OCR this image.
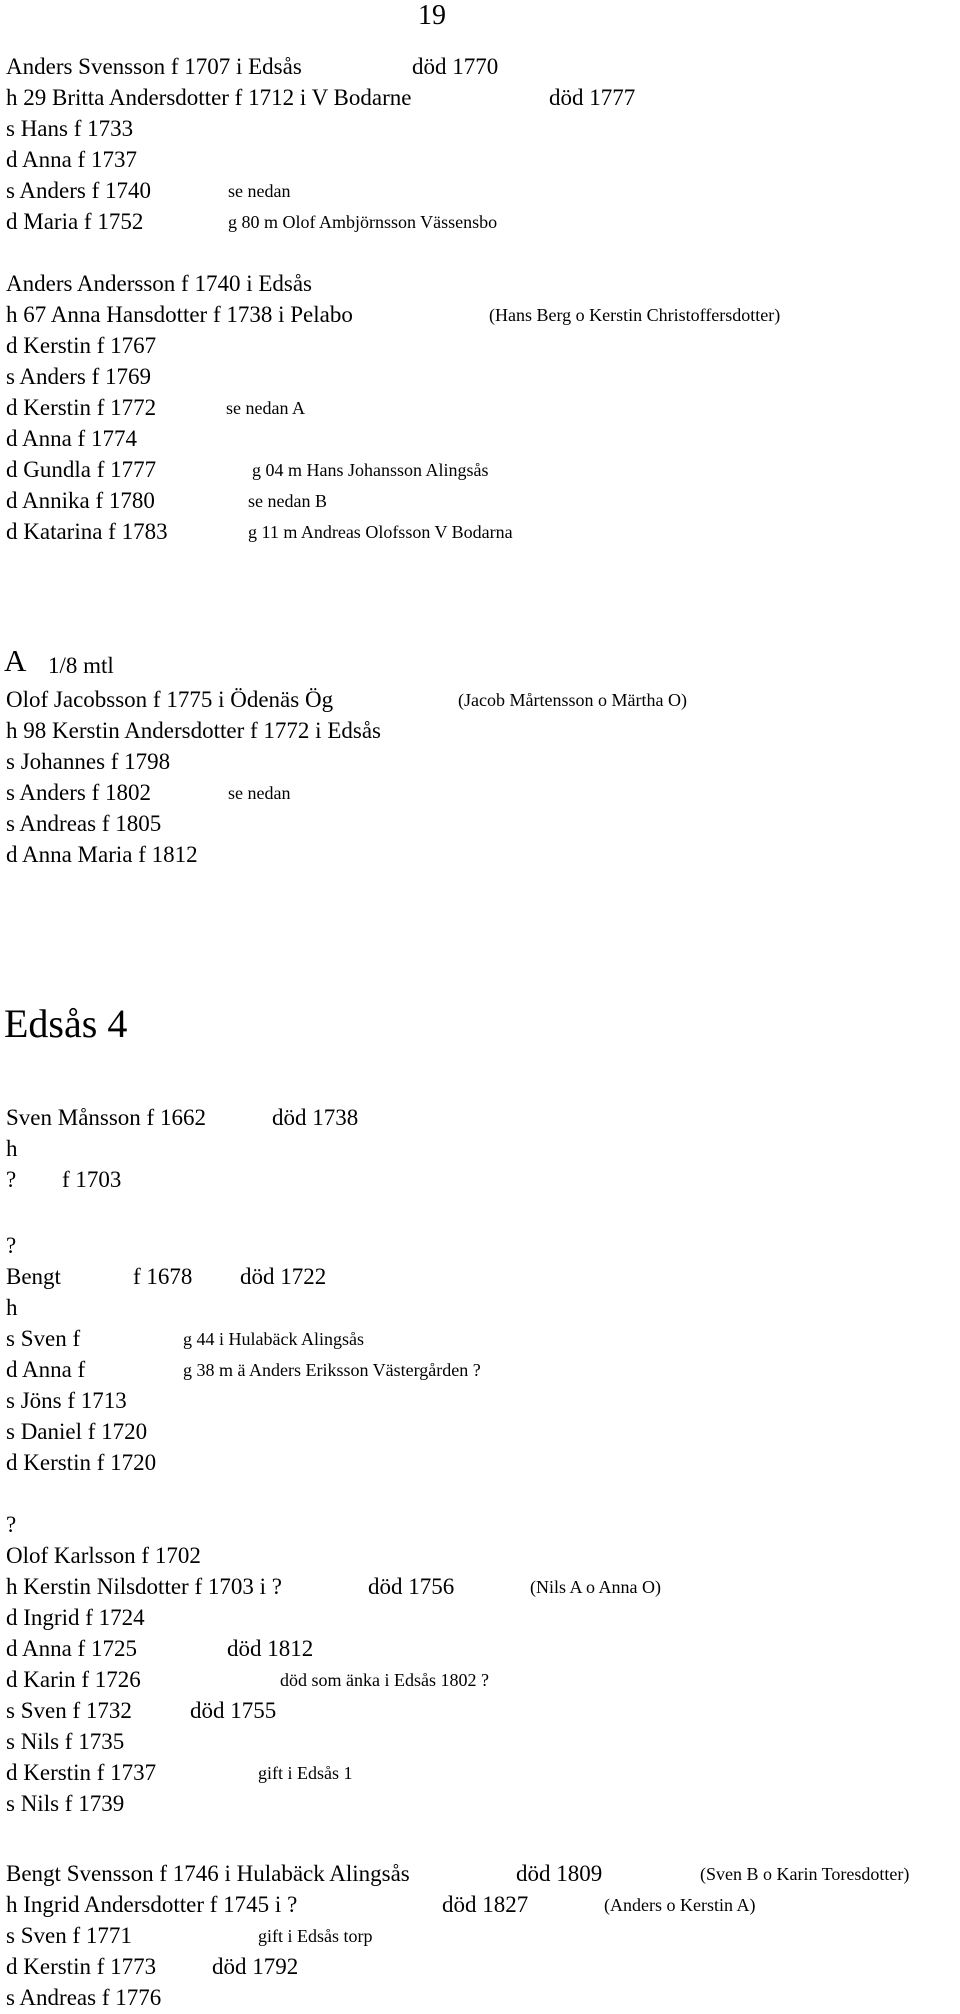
19
Anders Svensson f 1707 i Edsås	död 1770
h 29 Britta Andersdotter f 1712 i V Bodarne	död 1777
s Hans f 1733
d Anna f 1737
s Anders f 1740	se nedan
d Maria f 1752	g 80 m Olof Ambjörnsson Vässensbo
Anders Andersson f 1740 i Edsås
h 67 Anna Hansdotter f 1738 i Pelabo	(Hans Berg o Kerstin Christoffersdotter)
d Kerstin f 1767
s Anders f 1769
d Kerstin f 1772	se nedan A
d Anna f 1774
d Gundla f 1777	g 04 m Hans Johansson Alingsås
d Annika f 1780	se nedan B
d Katarina f 1783	g 11 m Andreas Olofsson V Bodarna
A 1/8 mtl
Olof Jacobsson f 1775 i Ödenäs Ög	(Jacob Mårtensson o Märtha O)
h 98 Kerstin Andersdotter f 1772 i Edsås
s Johannes f 1798
s Anders f 1802	se nedan
s Andreas f 1805
d Anna Maria f 1812
Edsås 4
Sven Månsson f 1662	död 1738
h
? f 1703
?
Bengt	f 1678 död 1722
h
s Sven f	g 44 i Hulabäck Alingsås
d Anna f	g 38 m ä Anders Eriksson Västergården ?
s Jöns f 1713
s Daniel f 1720
d Kerstin f 1720
?
Olof Karlsson f 1702
h Kerstin Nilsdotter f 1703 i ?	död 1756	(Nils A o Anna O)
d Ingrid f 1724
d Anna f 1725	död 1812
d Karin f 1726	död som änka i Edsås 1802 ?
s Sven f 1732	död 1755
s Nils f 1735
d Kerstin f 1737	gift i Edsås 1
s Nils f 1739
Bengt Svensson f 1746 i Hulabäck Alingsås	död 1809	(Sven B o Karin Toresdotter)
h Ingrid Andersdotter f 1745 i ?	död 1827	(Anders o Kerstin A)
s Sven f 1771	gift i Edsås torp
d Kerstin f 1773 död 1792
s Andreas f 1776
